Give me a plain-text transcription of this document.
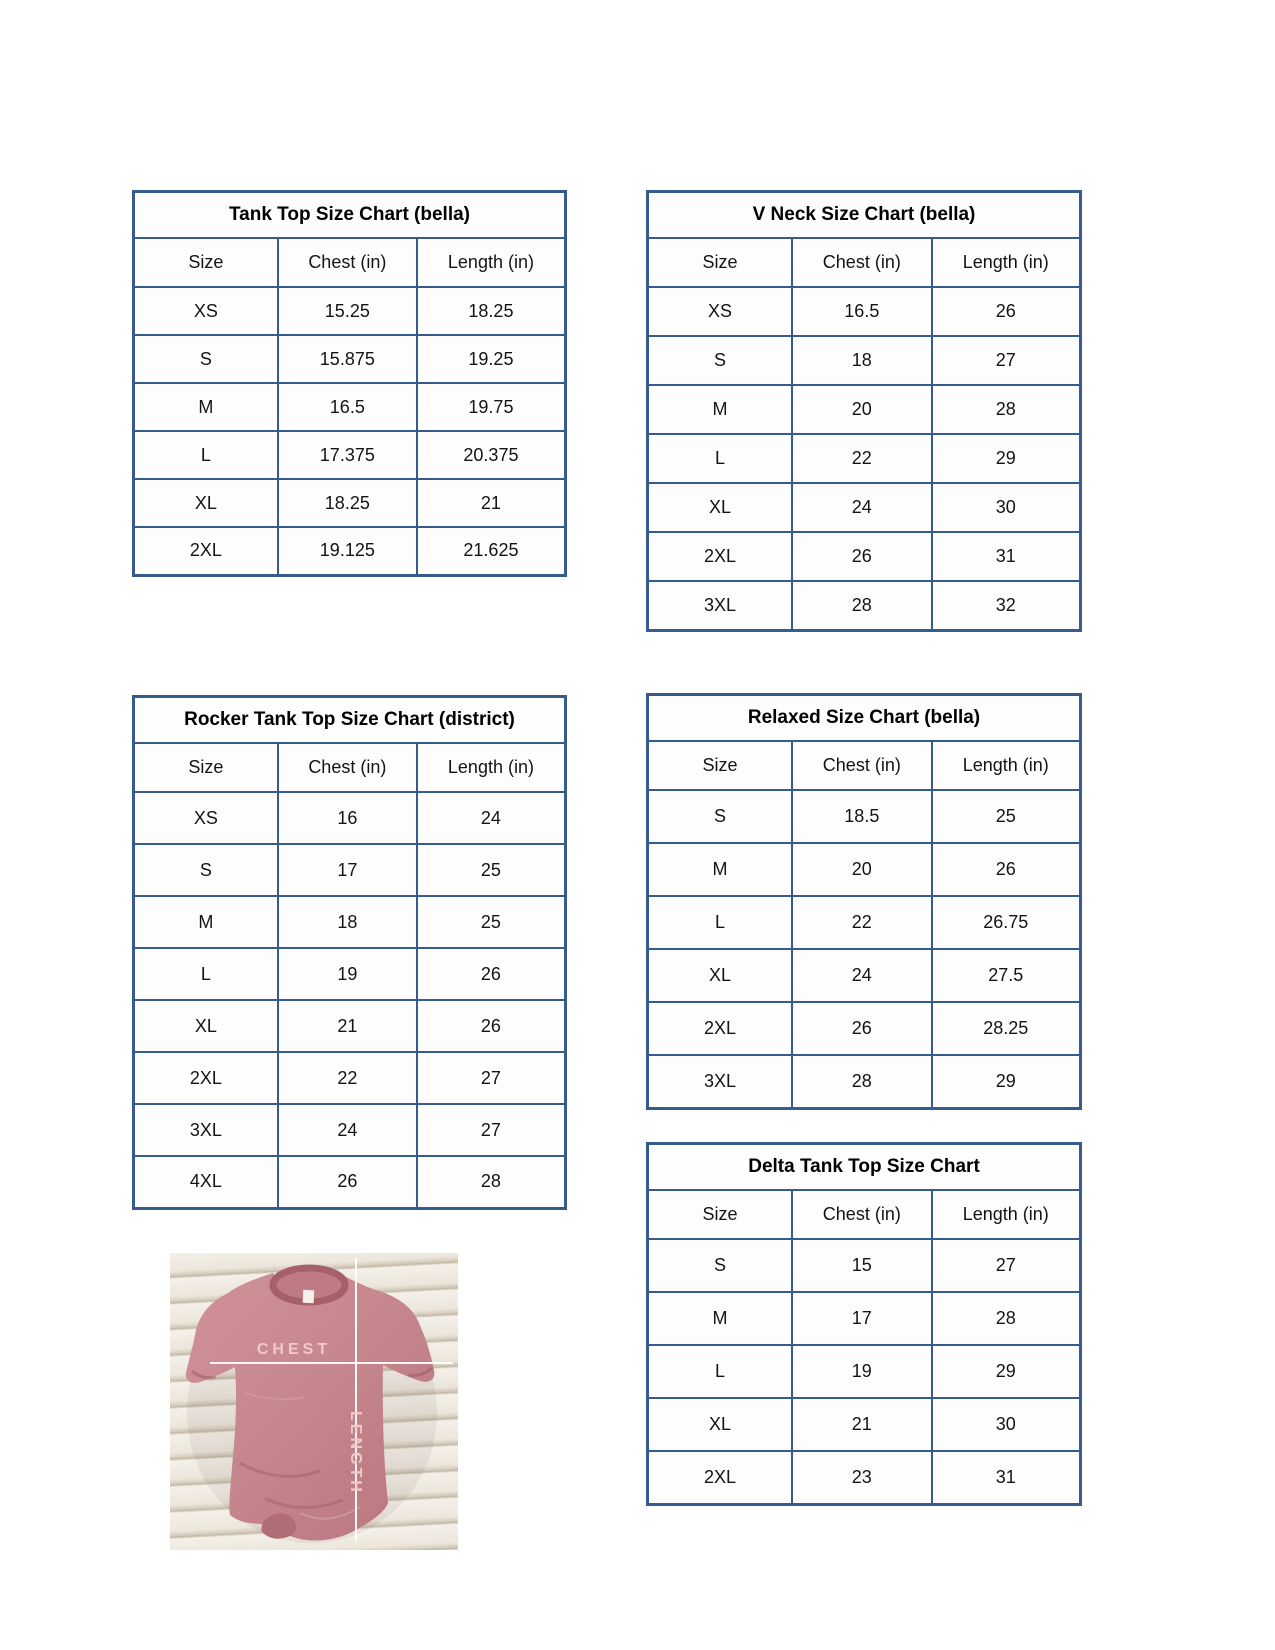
Tank Top Size Chart (bella)		
Size	Chest (in)	Length (in)
XS	15.25	18.25
S	15.875	19.25
M	16.5	19.75
L	17.375	20.375
XL	18.25	21
2XL	19.125	21.625
V Neck Size Chart (bella)		
Size	Chest (in)	Length (in)
XS	16.5	26
S	18	27
M	20	28
L	22	29
XL	24	30
2XL	26	31
3XL	28	32
Rocker Tank Top Size Chart (district)		
Size	Chest (in)	Length (in)
XS	16	24
S	17	25
M	18	25
L	19	26
XL	21	26
2XL	22	27
3XL	24	27
4XL	26	28
Relaxed Size Chart (bella)		
Size	Chest (in)	Length (in)
S	18.5	25
M	20	26
L	22	26.75
XL	24	27.5
2XL	26	28.25
3XL	28	29
Delta Tank Top Size Chart		
Size	Chest (in)	Length (in)
S	15	27
M	17	28
L	19	29
XL	21	30
2XL	23	31
CHEST
LENGTH
